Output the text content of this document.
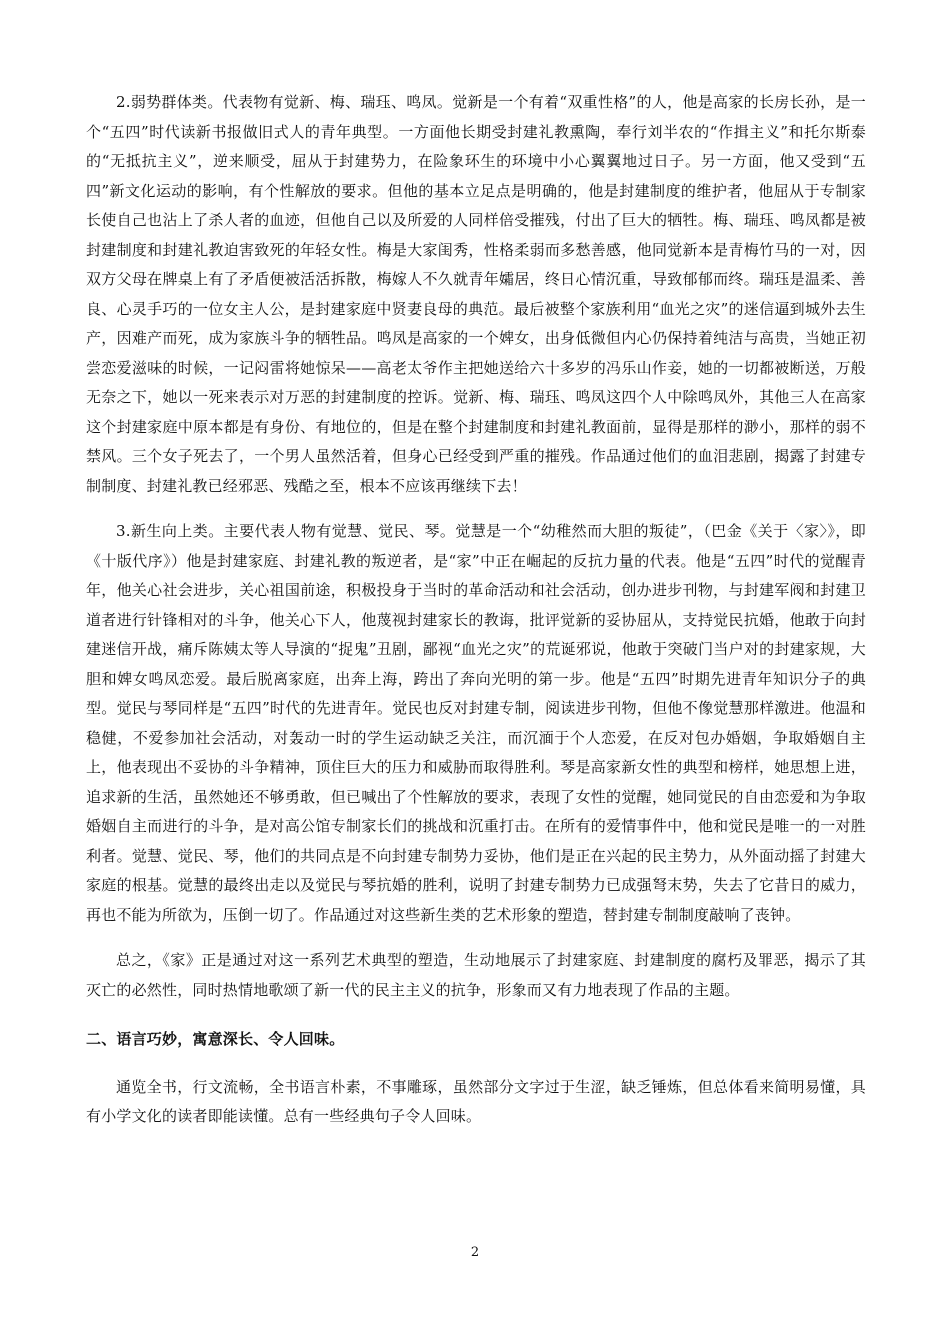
2.弱势群体类。代表物有觉新、梅、瑞珏、鸣凤。觉新是一个有着“双重性格”的人，他是高家的长房长孙，是一个“五四”时代读新书报做旧式人的青年典型。一方面他长期受封建礼教熏陶，奉行刘半农的“作揖主义”和托尔斯泰的“无抵抗主义”，逆来顺受，屈从于封建势力，在险象环生的环境中小心翼翼地过日子。另一方面，他又受到“五四”新文化运动的影响，有个性解放的要求。但他的基本立足点是明确的，他是封建制度的维护者，他屈从于专制家长使自己也沾上了杀人者的血迹，但他自己以及所爱的人同样倍受摧残，付出了巨大的牺牲。梅、瑞珏、鸣凤都是被封建制度和封建礼教迫害致死的年轻女性。梅是大家闺秀，性格柔弱而多愁善感，他同觉新本是青梅竹马的一对，因双方父母在牌桌上有了矛盾便被活活拆散，梅嫁人不久就青年孀居，终日心情沉重，导致郁郁而终。瑞珏是温柔、善良、心灵手巧的一位女主人公，是封建家庭中贤妻良母的典范。最后被整个家族利用“血光之灾”的迷信逼到城外去生产，因难产而死，成为家族斗争的牺牲品。鸣凤是高家的一个婢女，出身低微但内心仍保持着纯洁与高贵，当她正初尝恋爱滋味的时候，一记闷雷将她惊呆——高老太爷作主把她送给六十多岁的冯乐山作妾，她的一切都被断送，万般无奈之下，她以一死来表示对万恶的封建制度的控诉。觉新、梅、瑞珏、鸣凤这四个人中除鸣凤外，其他三人在高家这个封建家庭中原本都是有身份、有地位的，但是在整个封建制度和封建礼教面前，显得是那样的渺小，那样的弱不禁风。三个女子死去了，一个男人虽然活着，但身心已经受到严重的摧残。作品通过他们的血泪悲剧，揭露了封建专制制度、封建礼教已经邪恶、残酷之至，根本不应该再继续下去！

3.新生向上类。主要代表人物有觉慧、觉民、琴。觉慧是一个“幼稚然而大胆的叛徒”，（巴金《关于〈家〉》，即《十版代序》）他是封建家庭、封建礼教的叛逆者，是“家”中正在崛起的反抗力量的代表。他是“五四”时代的觉醒青年，他关心社会进步，关心祖国前途，积极投身于当时的革命活动和社会活动，创办进步刊物，与封建军阀和封建卫道者进行针锋相对的斗争，他关心下人，他蔑视封建家长的教诲，批评觉新的妥协屈从，支持觉民抗婚，他敢于向封建迷信开战，痛斥陈姨太等人导演的“捉鬼”丑剧，鄙视“血光之灾”的荒诞邪说，他敢于突破门当户对的封建家规，大胆和婢女鸣凤恋爱。最后脱离家庭，出奔上海，跨出了奔向光明的第一步。他是“五四”时期先进青年知识分子的典型。觉民与琴同样是“五四”时代的先进青年。觉民也反对封建专制，阅读进步刊物，但他不像觉慧那样激进。他温和稳健，不爱参加社会活动，对轰动一时的学生运动缺乏关注，而沉湎于个人恋爱，在反对包办婚姻，争取婚姻自主上，他表现出不妥协的斗争精神，顶住巨大的压力和威胁而取得胜利。琴是高家新女性的典型和榜样，她思想上进，追求新的生活，虽然她还不够勇敢，但已喊出了个性解放的要求，表现了女性的觉醒，她同觉民的自由恋爱和为争取婚姻自主而进行的斗争，是对高公馆专制家长们的挑战和沉重打击。在所有的爱情事件中，他和觉民是唯一的一对胜利者。觉慧、觉民、琴，他们的共同点是不向封建专制势力妥协，他们是正在兴起的民主势力，从外面动摇了封建大家庭的根基。觉慧的最终出走以及觉民与琴抗婚的胜利，说明了封建专制势力已成强弩末势，失去了它昔日的威力，再也不能为所欲为，压倒一切了。作品通过对这些新生类的艺术形象的塑造，替封建专制制度敲响了丧钟。

总之，《家》正是通过对这一系列艺术典型的塑造，生动地展示了封建家庭、封建制度的腐朽及罪恶，揭示了其灭亡的必然性，同时热情地歌颂了新一代的民主主义的抗争，形象而又有力地表现了作品的主题。

二、语言巧妙，寓意深长、令人回味。

通览全书，行文流畅，全书语言朴素，不事雕琢，虽然部分文字过于生涩，缺乏锤炼，但总体看来简明易懂，具有小学文化的读者即能读懂。总有一些经典句子令人回味。

2
